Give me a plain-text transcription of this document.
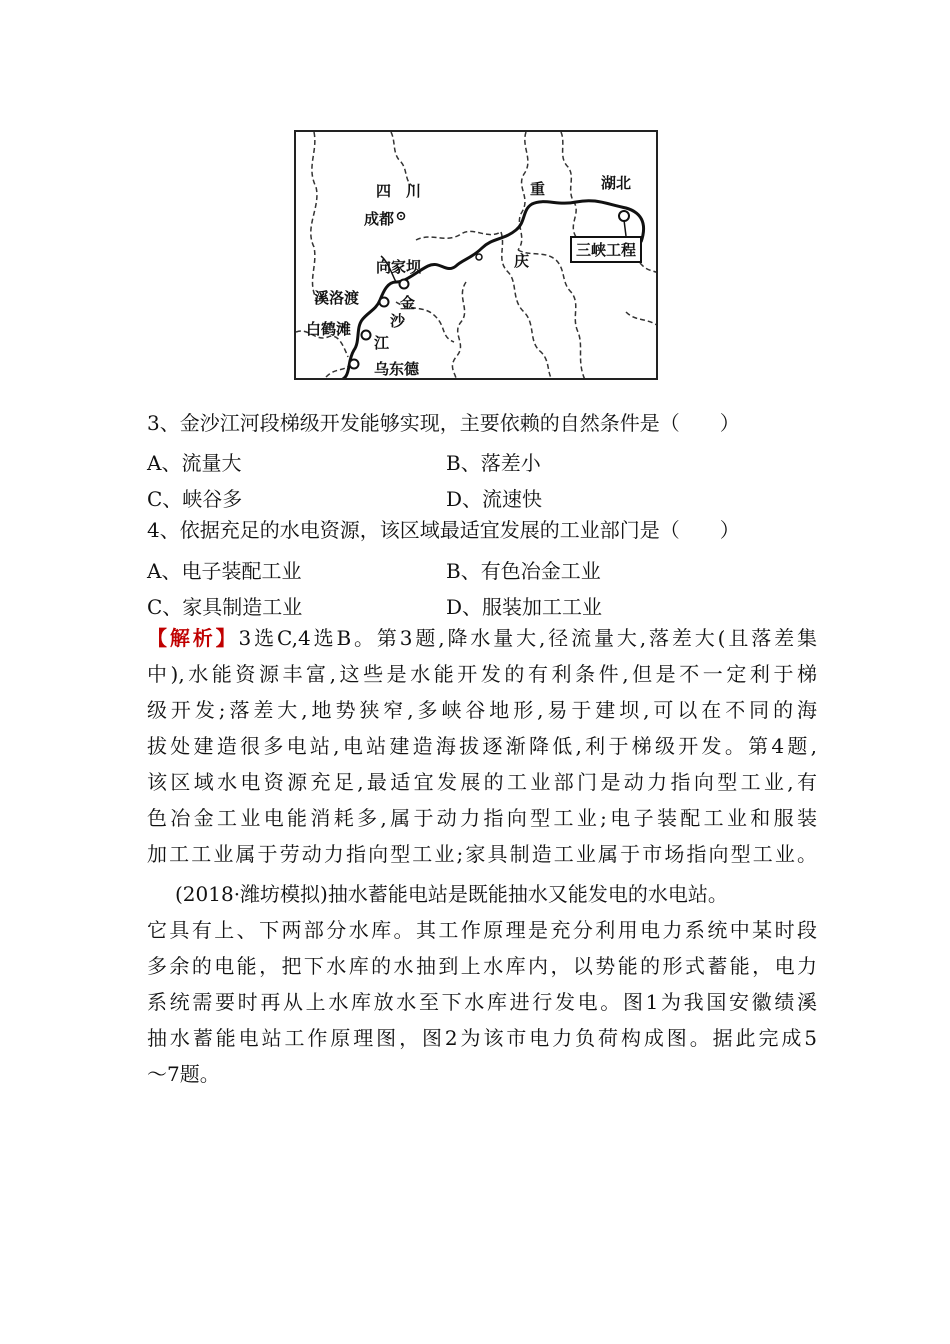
四　川
成都
重	湖北
庆
向家坝
溪洛渡	金
沙
白鹤滩
江
乌东德
三峡工程
3、金沙江河段梯级开发能够实现，主要依赖的自然条件是（　　）
A、流量大	B、落差小
C、峡谷多	D、流速快
4、依据充足的水电资源，该区域最适宜发展的工业部门是（　　）
A、电子装配工业	B、有色冶金工业
C、家具制造工业	D、服装加工工业
【解析】3选C,4选B。第3题,降水量大,径流量大,落差大(且落差集
中),水能资源丰富,这些是水能开发的有利条件,但是不一定利于梯
级开发;落差大,地势狭窄,多峡谷地形,易于建坝,可以在不同的海
拔处建造很多电站,电站建造海拔逐渐降低,利于梯级开发。第4题,
该区域水电资源充足,最适宜发展的工业部门是动力指向型工业,有
色冶金工业电能消耗多,属于动力指向型工业;电子装配工业和服装
加工工业属于劳动力指向型工业;家具制造工业属于市场指向型工业。
(2018·潍坊模拟)抽水蓄能电站是既能抽水又能发电的水电站。
它具有上、下两部分水库。其工作原理是充分利用电力系统中某时段
多余的电能，把下水库的水抽到上水库内，以势能的形式蓄能，电力
系统需要时再从上水库放水至下水库进行发电。图1为我国安徽绩溪
抽水蓄能电站工作原理图，图2为该市电力负荷构成图。据此完成5
～7题。
